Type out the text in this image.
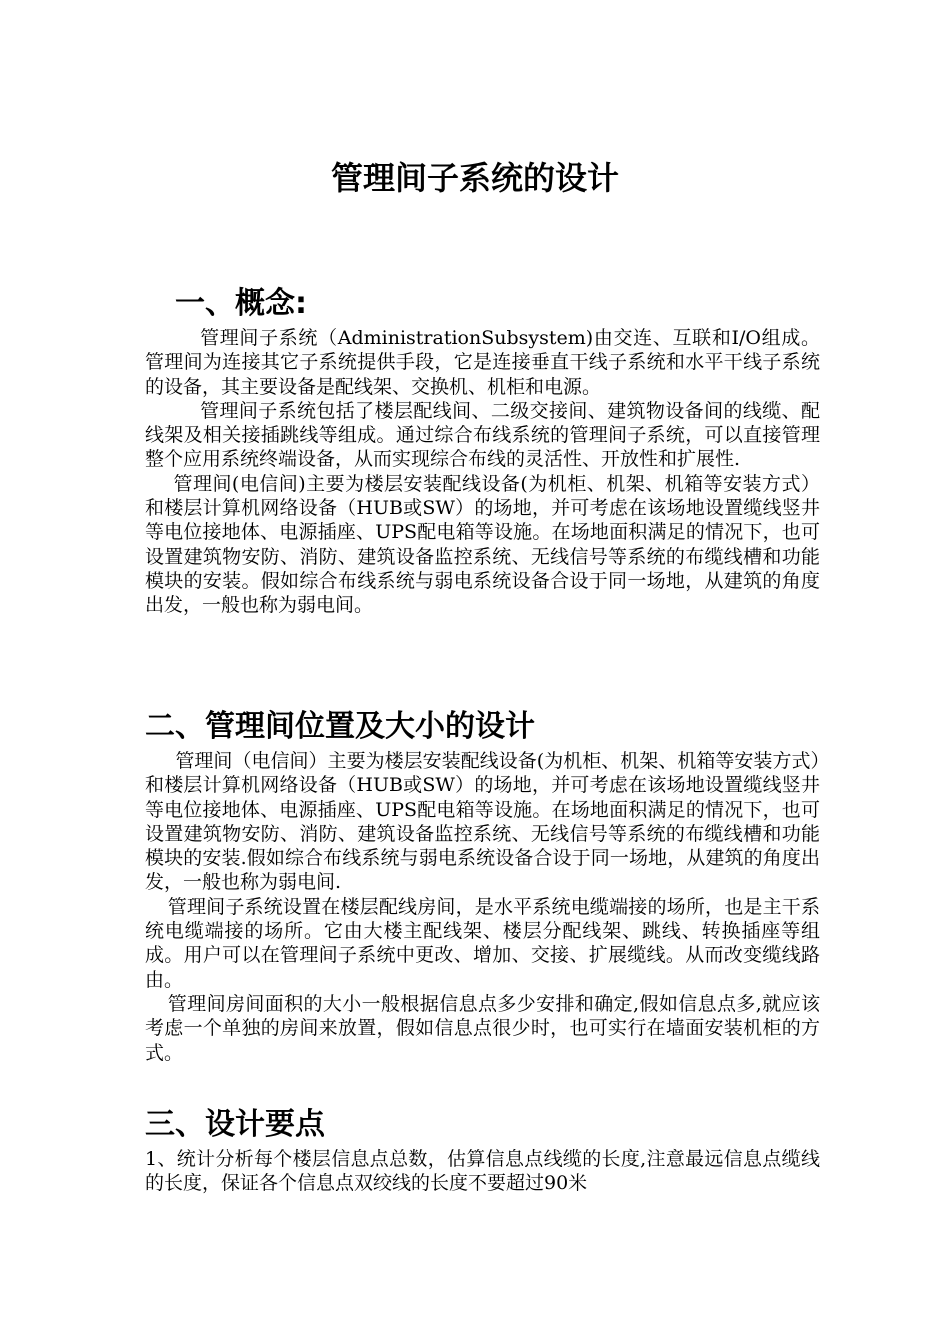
管理间子系统的设计
一、概念:

管理间子系统（AdministrationSubsystem)由交连、互联和I/O组成。管理间为连接其它子系统提供手段，它是连接垂直干线子系统和水平干线子系统的设备，其主要设备是配线架、交换机、机柜和电源。

管理间子系统包括了楼层配线间、二级交接间、建筑物设备间的线缆、配线架及相关接插跳线等组成。通过综合布线系统的管理间子系统，可以直接管理整个应用系统终端设备，从而实现综合布线的灵活性、开放性和扩展性.

管理间(电信间)主要为楼层安装配线设备(为机柜、机架、机箱等安装方式）和楼层计算机网络设备（HUB或SW）的场地，并可考虑在该场地设置缆线竖井等电位接地体、电源插座、UPS配电箱等设施。在场地面积满足的情况下，也可设置建筑物安防、消防、建筑设备监控系统、无线信号等系统的布缆线槽和功能模块的安装。假如综合布线系统与弱电系统设备合设于同一场地，从建筑的角度出发，一般也称为弱电间。

二、管理间位置及大小的设计

管理间（电信间）主要为楼层安装配线设备(为机柜、机架、机箱等安装方式）和楼层计算机网络设备（HUB或SW）的场地，并可考虑在该场地设置缆线竖井等电位接地体、电源插座、UPS配电箱等设施。在场地面积满足的情况下，也可设置建筑物安防、消防、建筑设备监控系统、无线信号等系统的布缆线槽和功能模块的安装.假如综合布线系统与弱电系统设备合设于同一场地，从建筑的角度出发，一般也称为弱电间.

管理间子系统设置在楼层配线房间，是水平系统电缆端接的场所，也是主干系统电缆端接的场所。它由大楼主配线架、楼层分配线架、跳线、转换插座等组成。用户可以在管理间子系统中更改、增加、交接、扩展缆线。从而改变缆线路由。

管理间房间面积的大小一般根据信息点多少安排和确定,假如信息点多,就应该考虑一个单独的房间来放置，假如信息点很少时，也可实行在墙面安装机柜的方式。

三、设计要点

1、统计分析每个楼层信息点总数，估算信息点线缆的长度,注意最远信息点缆线的长度，保证各个信息点双绞线的长度不要超过90米
